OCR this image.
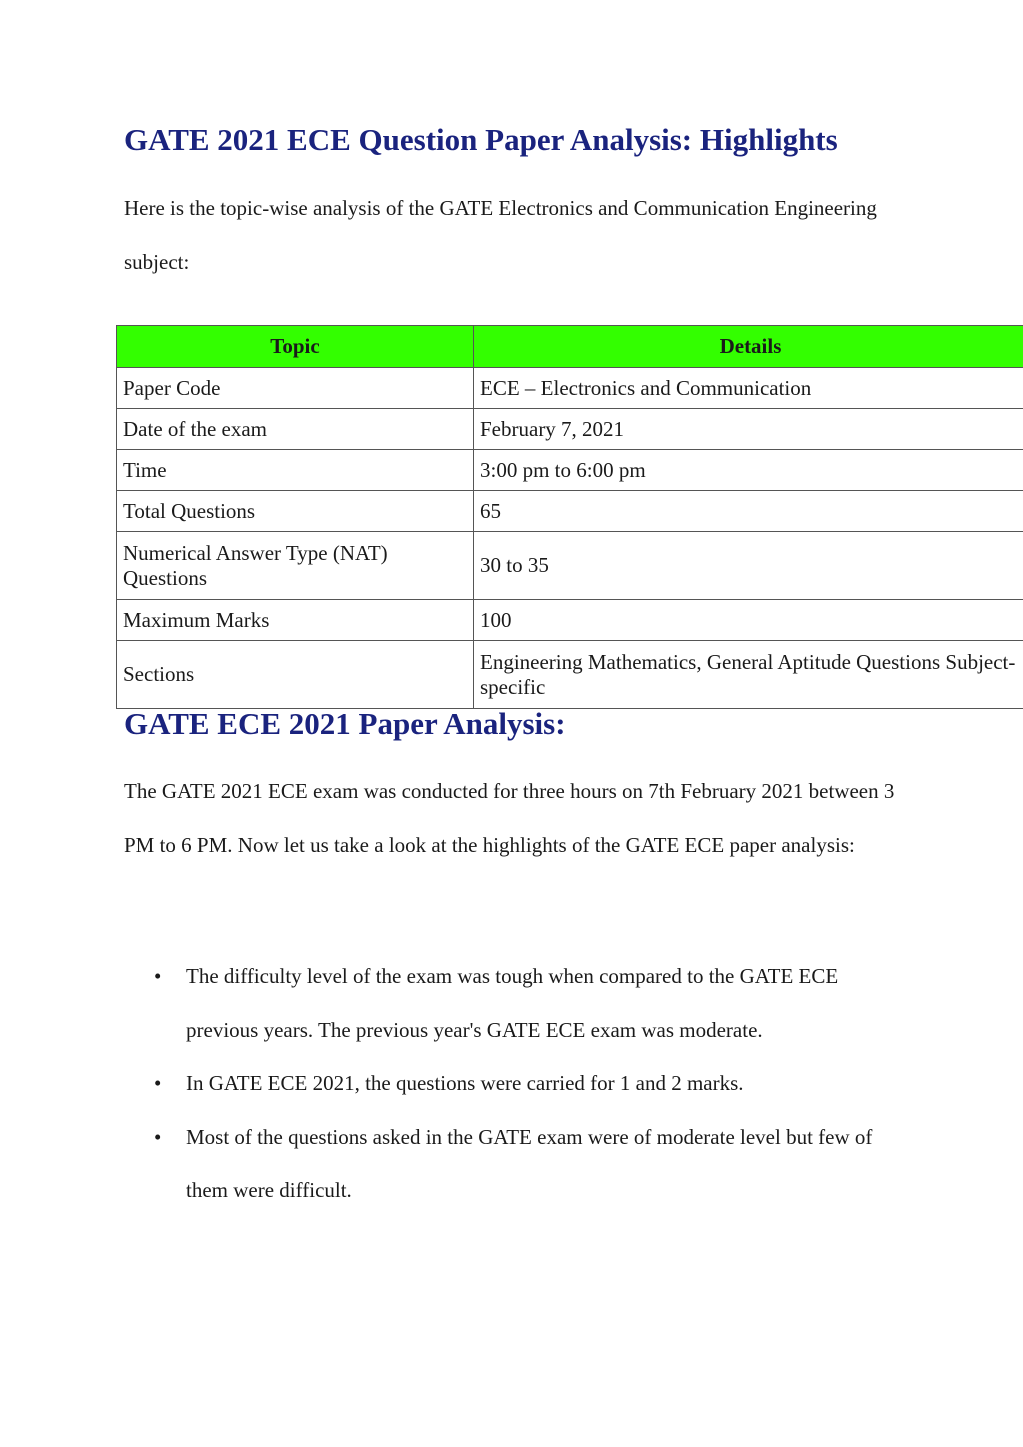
GATE 2021 ECE Question Paper Analysis: Highlights

Here is the topic-wise analysis of the GATE Electronics and Communication Engineering subject:

Topic	Details
Paper Code	ECE – Electronics and Communication
Date of the exam	February 7, 2021
Time	3:00 pm to 6:00 pm
Total Questions	65
Numerical Answer Type (NAT) Questions	30 to 35
Maximum Marks	100
Sections	Engineering Mathematics, General Aptitude Questions Subject-specific
GATE ECE 2021 Paper Analysis:

The GATE 2021 ECE exam was conducted for three hours on 7th February 2021 between 3 PM to 6 PM. Now let us take a look at the highlights of the GATE ECE paper analysis:

• The difficulty level of the exam was tough when compared to the GATE ECE previous years. The previous year's GATE ECE exam was moderate.
• In GATE ECE 2021, the questions were carried for 1 and 2 marks.
• Most of the questions asked in the GATE exam were of moderate level but few of them were difficult.
